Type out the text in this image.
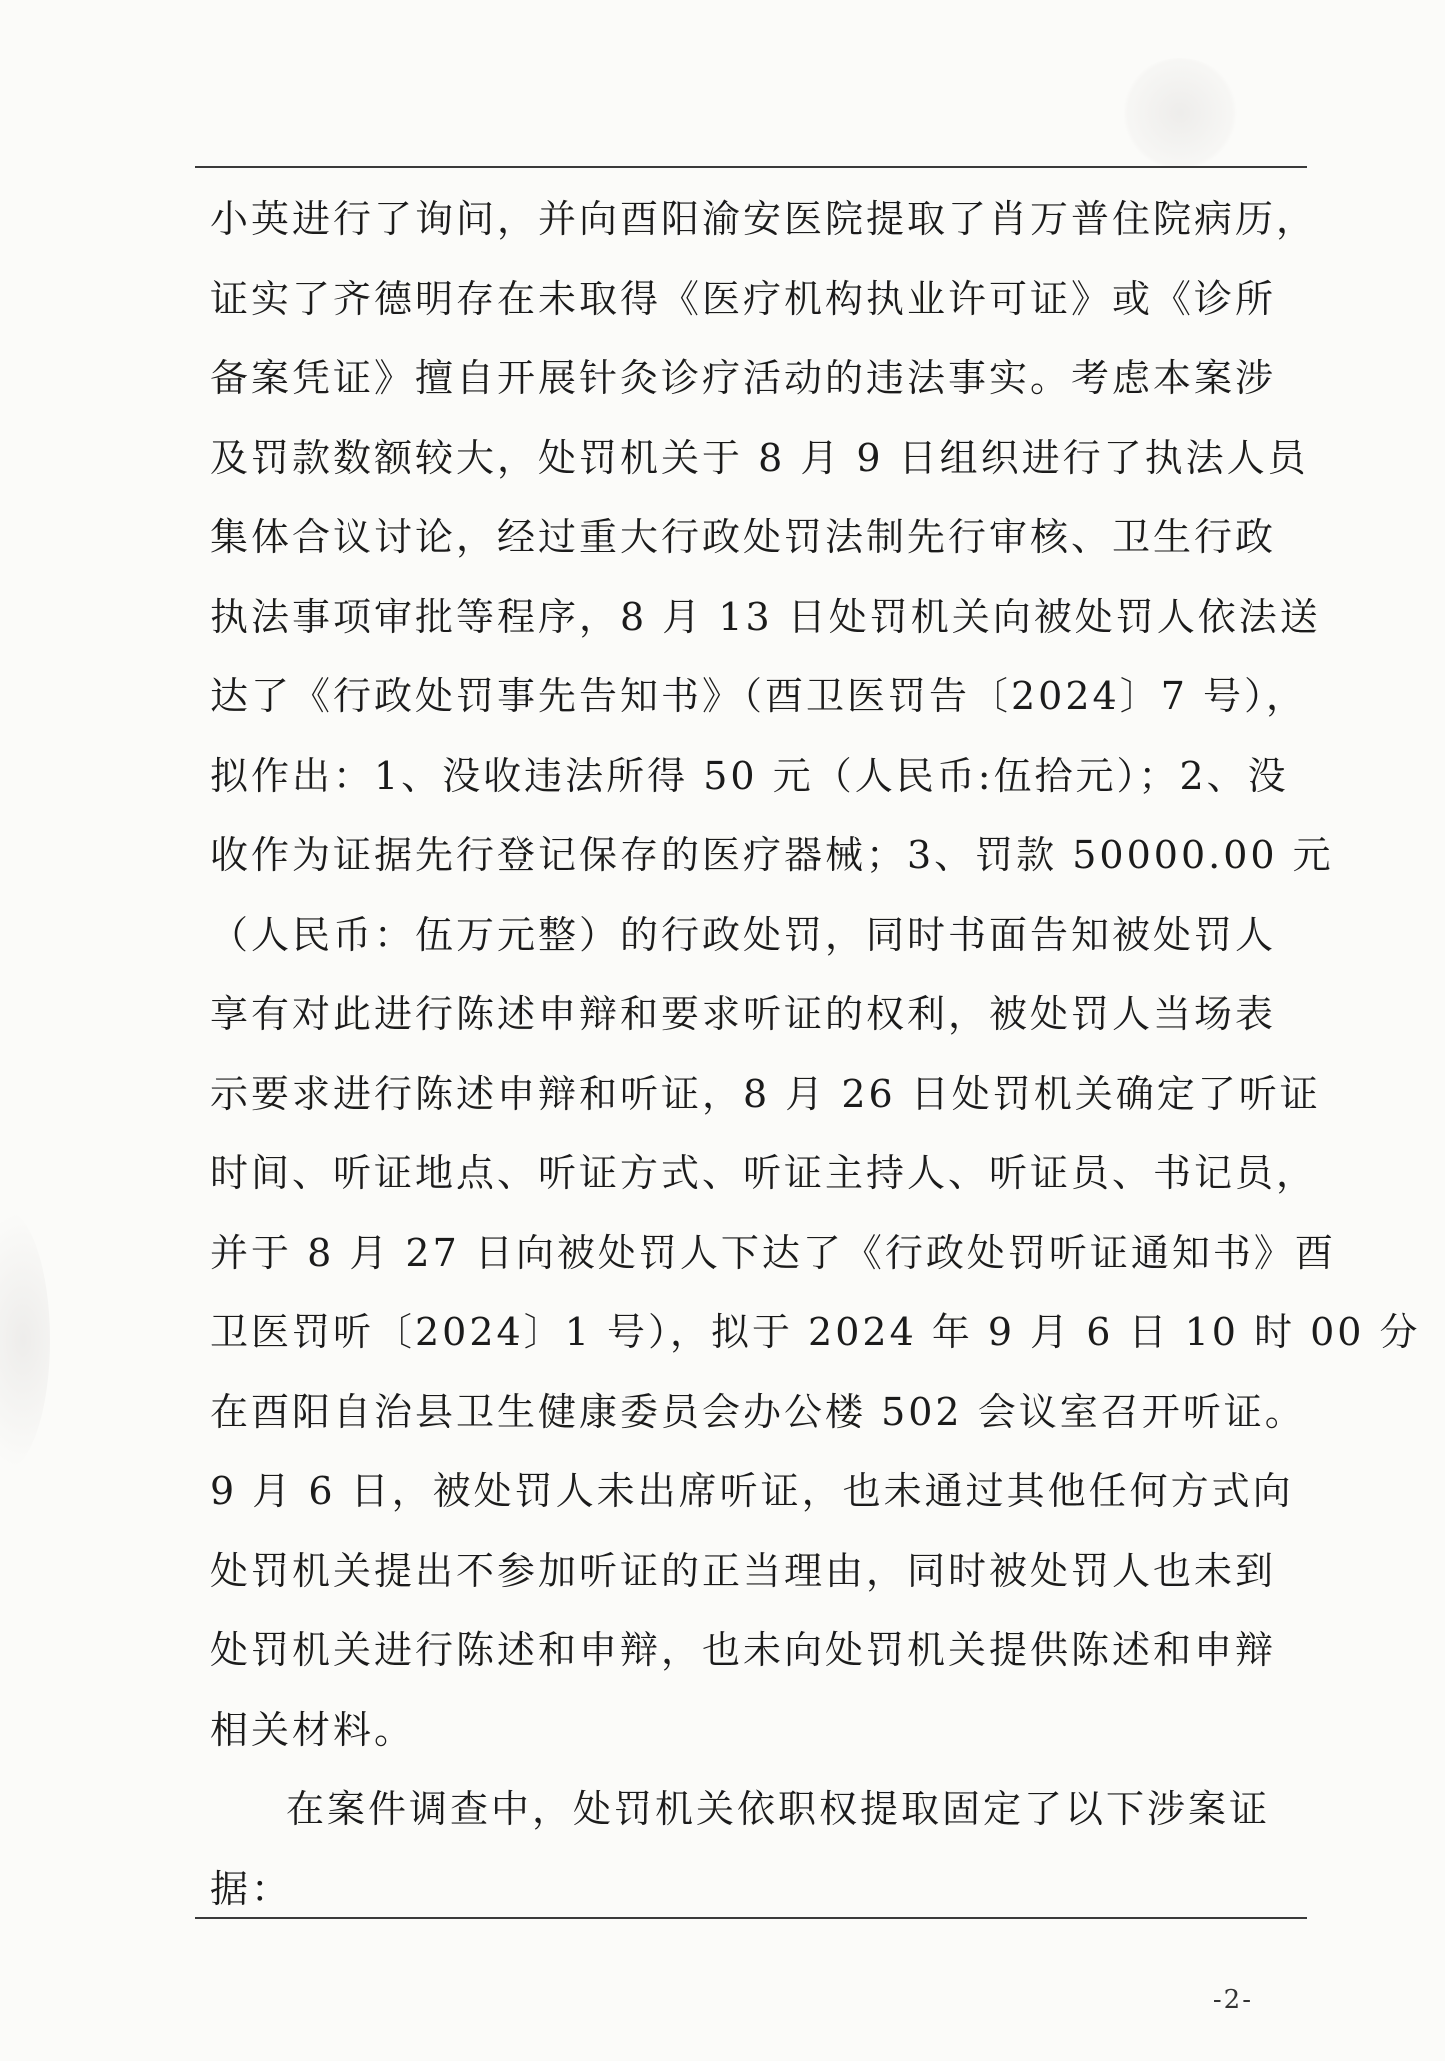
小英进行了询问，并向酉阳渝安医院提取了肖万普住院病历，
证实了齐德明存在未取得《医疗机构执业许可证》或《诊所
备案凭证》擅自开展针灸诊疗活动的违法事实。考虑本案涉
及罚款数额较大，处罚机关于 8 月 9 日组织进行了执法人员
集体合议讨论，经过重大行政处罚法制先行审核、卫生行政
执法事项审批等程序，8 月 13 日处罚机关向被处罚人依法送
达了《行政处罚事先告知书》（酉卫医罚告〔2024〕7 号），
拟作出：1、没收违法所得 50 元（人民币:伍拾元）；2、没
收作为证据先行登记保存的医疗器械；3、罚款 50000.00 元
（人民币：伍万元整）的行政处罚，同时书面告知被处罚人
享有对此进行陈述申辩和要求听证的权利，被处罚人当场表
示要求进行陈述申辩和听证，8 月 26 日处罚机关确定了听证
时间、听证地点、听证方式、听证主持人、听证员、书记员，
并于 8 月 27 日向被处罚人下达了《行政处罚听证通知书》酉
卫医罚听〔2024〕1 号），拟于 2024 年 9 月 6 日 10 时 00 分
在酉阳自治县卫生健康委员会办公楼 502 会议室召开听证。
9 月 6 日，被处罚人未出席听证，也未通过其他任何方式向
处罚机关提出不参加听证的正当理由，同时被处罚人也未到
处罚机关进行陈述和申辩，也未向处罚机关提供陈述和申辩
相关材料。
在案件调查中，处罚机关依职权提取固定了以下涉案证
据：
-2-
